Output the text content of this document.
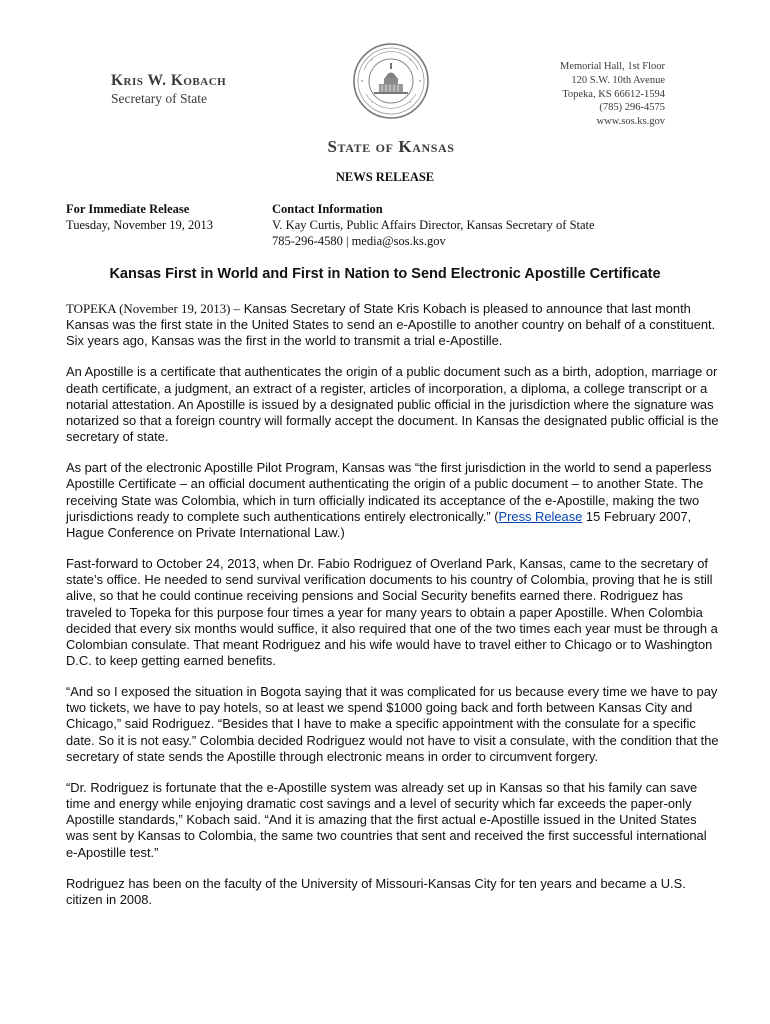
Kris W. Kobach
Secretary of State
Memorial Hall, 1st Floor
120 S.W. 10th Avenue
Topeka, KS 66612-1594
(785) 296-4575
www.sos.ks.gov
State of Kansas
NEWS RELEASE
For Immediate Release
Tuesday, November 19, 2013
Contact Information
V. Kay Curtis, Public Affairs Director, Kansas Secretary of State
785-296-4580 | media@sos.ks.gov
Kansas First in World and First in Nation to Send Electronic Apostille Certificate

TOPEKA (November 19, 2013) – Kansas Secretary of State Kris Kobach is pleased to announce that last month Kansas was the first state in the United States to send an e-Apostille to another country on behalf of a constituent. Six years ago, Kansas was the first in the world to transmit a trial e-Apostille.

An Apostille is a certificate that authenticates the origin of a public document such as a birth, adoption, marriage or death certificate, a judgment, an extract of a register, articles of incorporation, a diploma, a college transcript or a notarial attestation. An Apostille is issued by a designated public official in the jurisdiction where the signature was notarized so that a foreign country will formally accept the document. In Kansas the designated public official is the secretary of state.

As part of the electronic Apostille Pilot Program, Kansas was “the first jurisdiction in the world to send a paperless Apostille Certificate – an official document authenticating the origin of a public document – to another State. The receiving State was Colombia, which in turn officially indicated its acceptance of the e-Apostille, making the two jurisdictions ready to complete such authentications entirely electronically.” (Press Release 15 February 2007, Hague Conference on Private International Law.)

Fast-forward to October 24, 2013, when Dr. Fabio Rodriguez of Overland Park, Kansas, came to the secretary of state’s office. He needed to send survival verification documents to his country of Colombia, proving that he is still alive, so that he could continue receiving pensions and Social Security benefits earned there. Rodriguez has traveled to Topeka for this purpose four times a year for many years to obtain a paper Apostille. When Colombia decided that every six months would suffice, it also required that one of the two times each year must be through a Colombian consulate. That meant Rodriguez and his wife would have to travel either to Chicago or to Washington D.C. to keep getting earned benefits.

“And so I exposed the situation in Bogota saying that it was complicated for us because every time we have to pay two tickets, we have to pay hotels, so at least we spend $1000 going back and forth between Kansas City and Chicago,” said Rodriguez. “Besides that I have to make a specific appointment with the consulate for a specific date. So it is not easy.” Colombia decided Rodriguez would not have to visit a consulate, with the condition that the secretary of state sends the Apostille through electronic means in order to circumvent forgery.

“Dr. Rodriguez is fortunate that the e-Apostille system was already set up in Kansas so that his family can save time and energy while enjoying dramatic cost savings and a level of security which far exceeds the paper-only Apostille standards,” Kobach said. “And it is amazing that the first actual e-Apostille issued in the United States was sent by Kansas to Colombia, the same two countries that sent and received the first successful international e-Apostille test.”

Rodriguez has been on the faculty of the University of Missouri-Kansas City for ten years and became a U.S. citizen in 2008.
